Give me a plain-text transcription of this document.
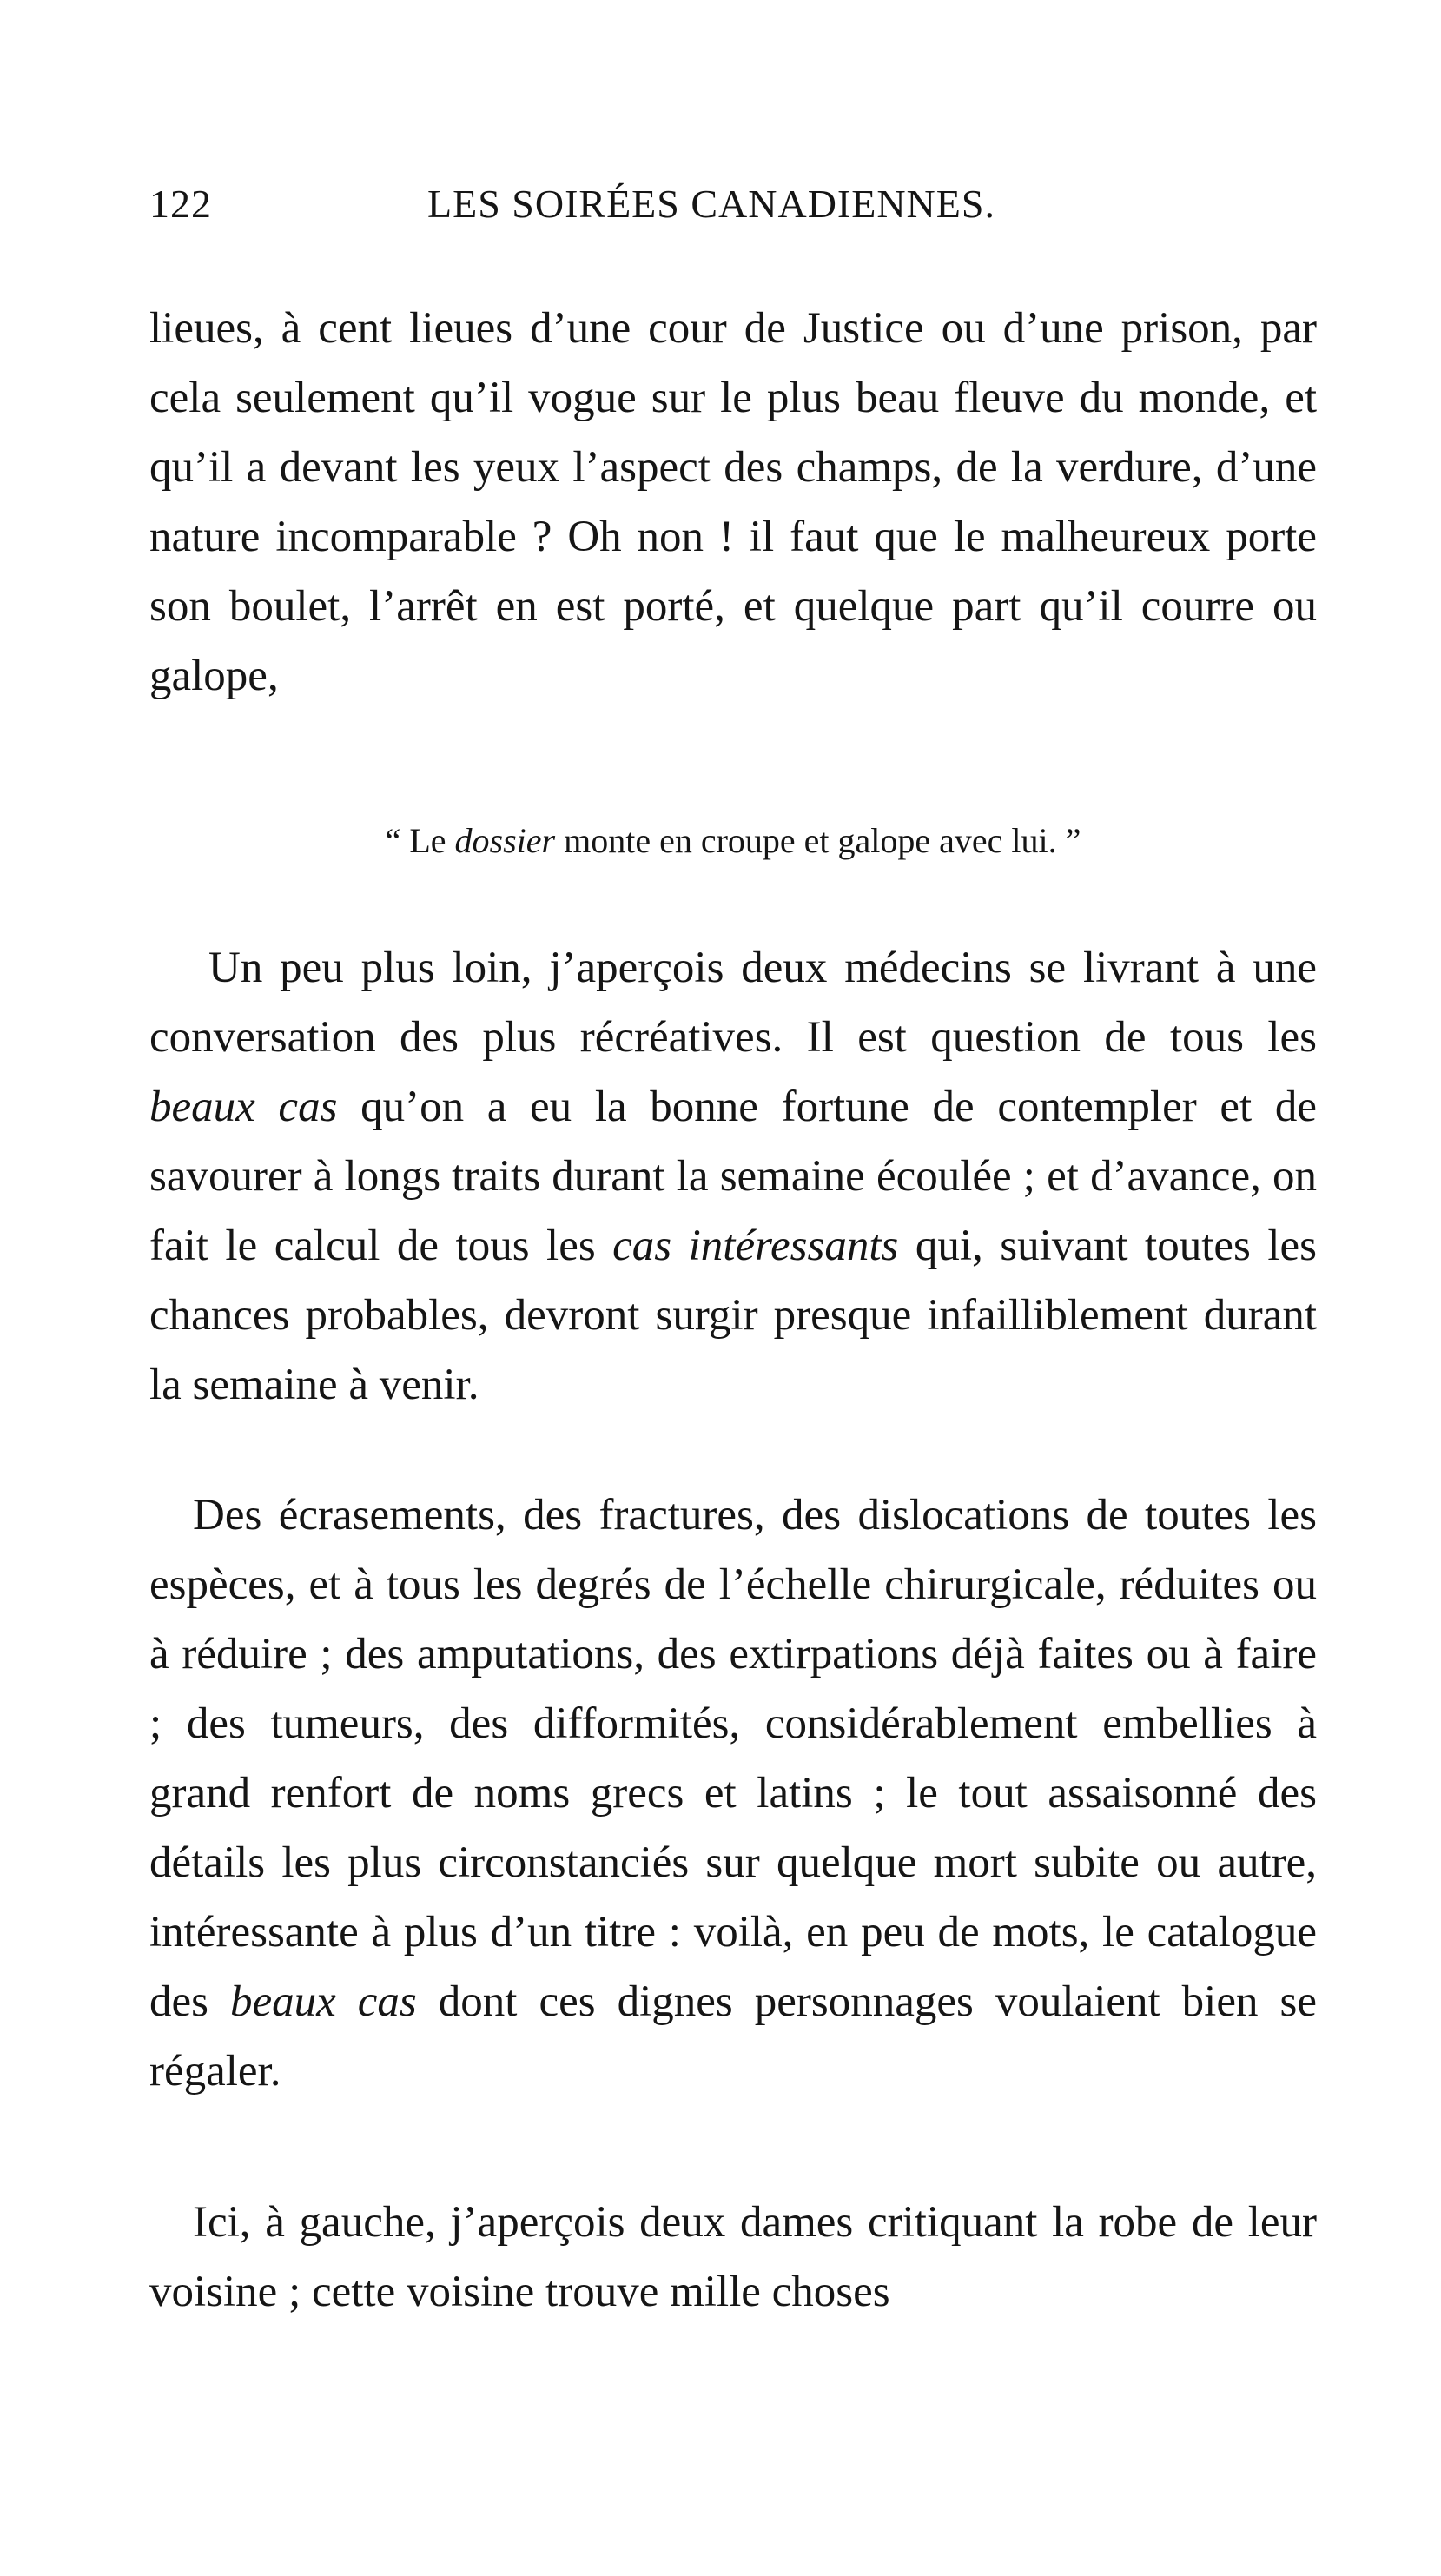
122	LES SOIRÉES CANADIENNES.

lieues, à cent lieues d’une cour de Justice ou d’une prison, par cela seulement qu’il vogue sur le plus beau fleuve du monde, et qu’il a devant les yeux l’aspect des champs, de la verdure, d’une nature incomparable ? Oh non ! il faut que le malheureux porte son boulet, l’arrêt en est porté, et quelque part qu’il courre ou galope,

“ Le dossier monte en croupe et galope avec lui. ”

Un peu plus loin, j’aperçois deux médecins se livrant à une conversation des plus récréatives. Il est question de tous les beaux cas qu’on a eu la bonne fortune de contempler et de savourer à longs traits durant la semaine écoulée ; et d’avance, on fait le calcul de tous les cas intéressants qui, suivant toutes les chances probables, devront surgir presque infailliblement durant la semaine à venir.

Des écrasements, des fractures, des dislocations de toutes les espèces, et à tous les degrés de l’échelle chirurgicale, réduites ou à réduire ; des amputations, des extirpations déjà faites ou à faire ; des tumeurs, des difformités, considérablement embellies à grand renfort de noms grecs et latins ; le tout assaisonné des détails les plus circonstanciés sur quelque mort subite ou autre, intéressante à plus d’un titre : voilà, en peu de mots, le catalogue des beaux cas dont ces dignes personnages voulaient bien se régaler.

Ici, à gauche, j’aperçois deux dames critiquant la robe de leur voisine ; cette voisine trouve mille choses
